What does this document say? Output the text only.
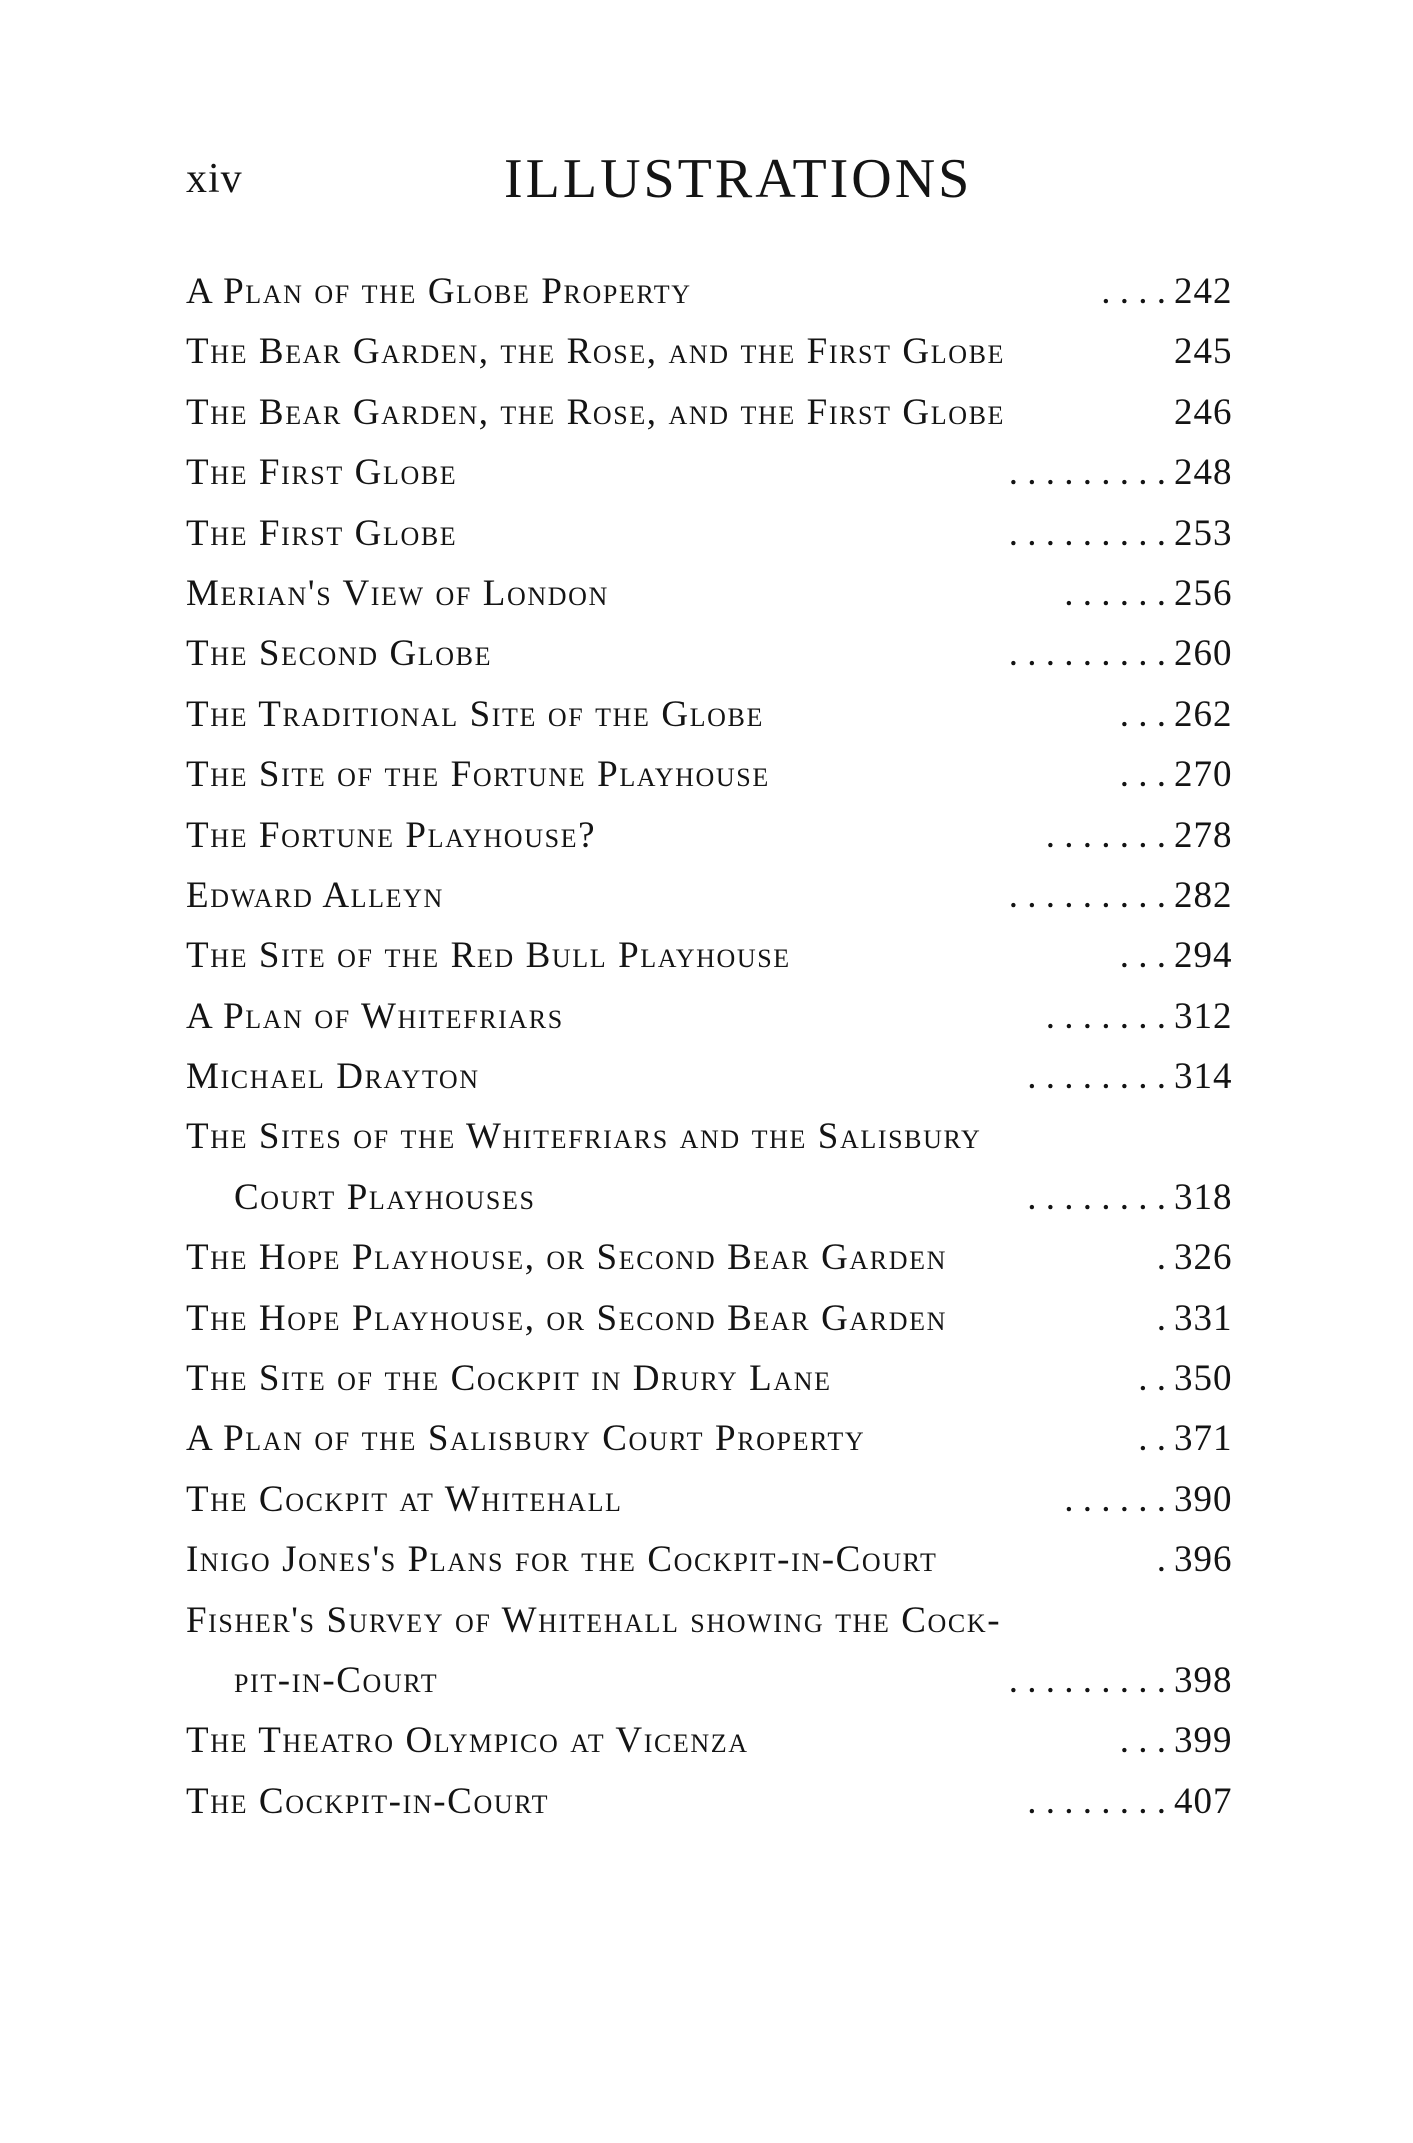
xiv	ILLUSTRATIONS
A Plan of the Globe Property	. . . . 242
The Bear Garden, the Rose, and the First Globe	245
The Bear Garden, the Rose, and the First Globe	246
The First Globe	. . . . . . . . . 248
The First Globe	. . . . . . . . . 253
Merian's View of London	. . . . . . 256
The Second Globe	. . . . . . . . . 260
The Traditional Site of the Globe	. . . 262
The Site of the Fortune Playhouse	. . . 270
The Fortune Playhouse?	. . . . . . . 278
Edward Alleyn	. . . . . . . . . 282
The Site of the Red Bull Playhouse	. . . 294
A Plan of Whitefriars	. . . . . . . 312
Michael Drayton	. . . . . . . . 314
The Sites of the Whitefriars and the Salisbury
Court Playhouses	. . . . . . . . 318
The Hope Playhouse, or Second Bear Garden	. 326
The Hope Playhouse, or Second Bear Garden	. 331
The Site of the Cockpit in Drury Lane	. . 350
A Plan of the Salisbury Court Property	. . 371
The Cockpit at Whitehall	. . . . . . 390
Inigo Jones's Plans for the Cockpit-in-Court	. 396
Fisher's Survey of Whitehall showing the Cock-
pit-in-Court	. . . . . . . . . 398
The Theatro Olympico at Vicenza	. . . 399
The Cockpit-in-Court	. . . . . . . . 407
